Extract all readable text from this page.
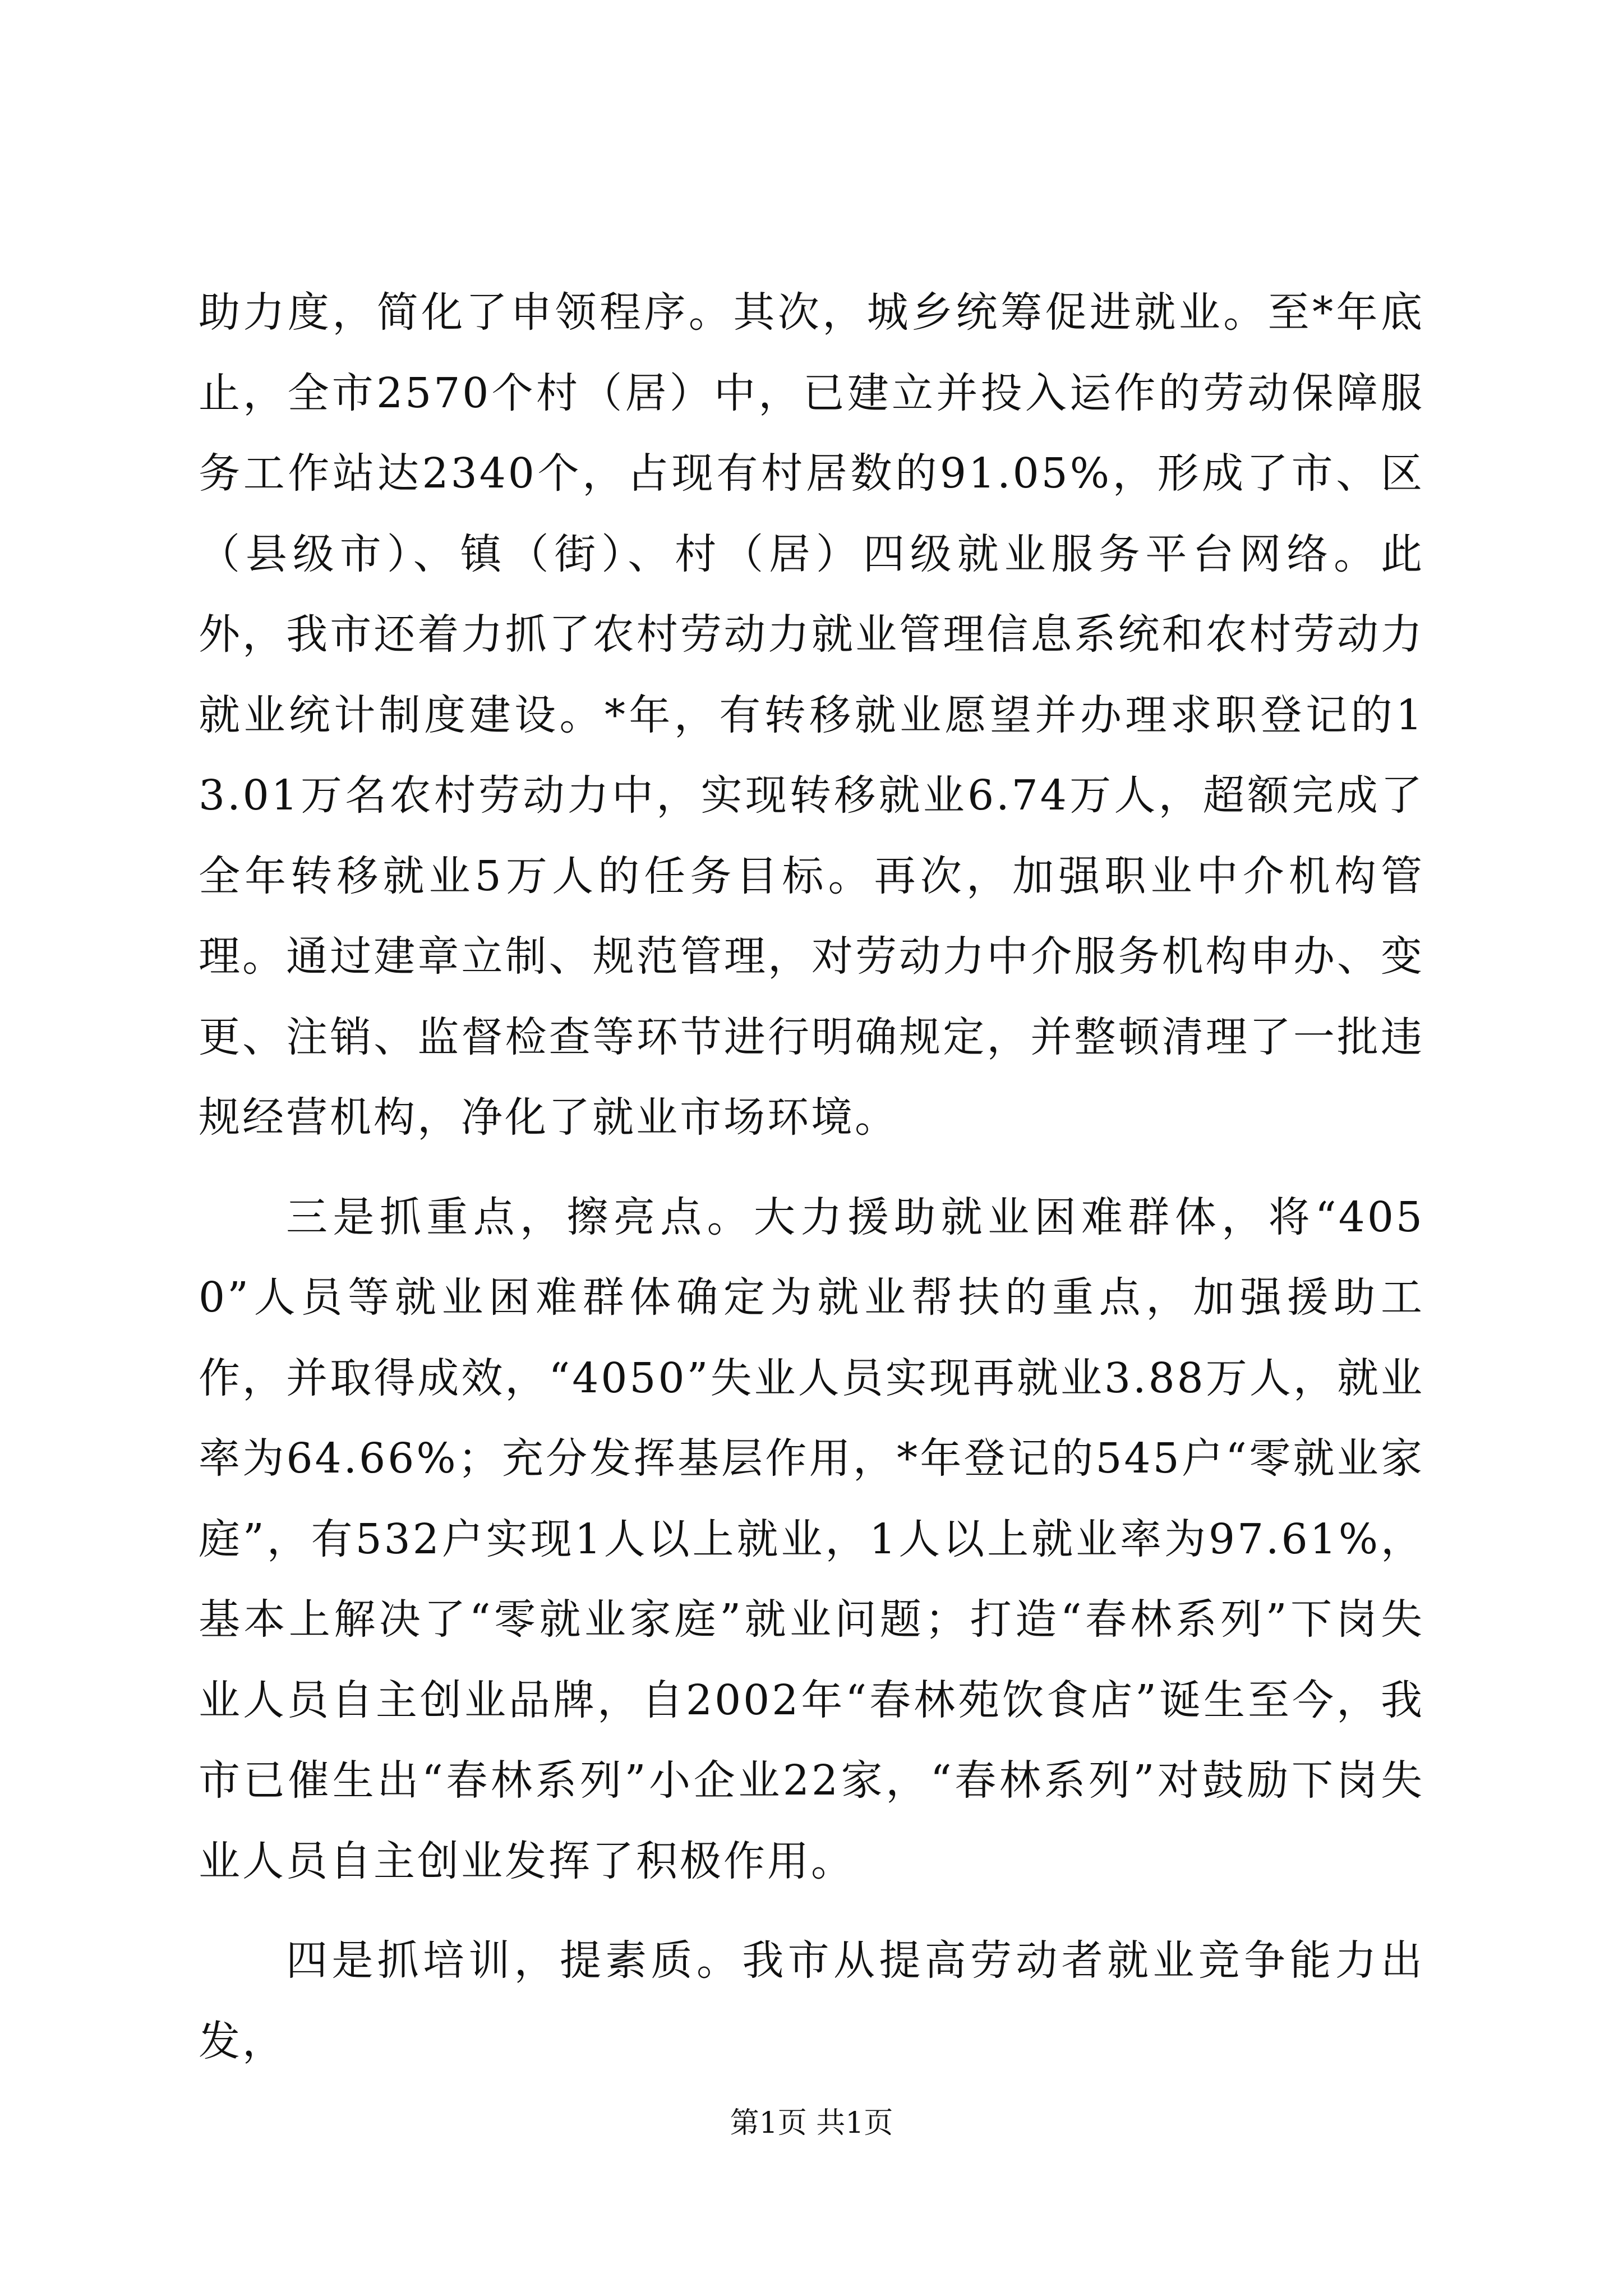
助力度，简化了申领程序。其次，城乡统筹促进就业。至*年底止，全市2570个村（居）中，已建立并投入运作的劳动保障服务工作站达2340个，占现有村居数的91.05%，形成了市、区（县级市）、镇（街）、村（居）四级就业服务平台网络。此外，我市还着力抓了农村劳动力就业管理信息系统和农村劳动力就业统计制度建设。*年，有转移就业愿望并办理求职登记的13.01万名农村劳动力中，实现转移就业6.74万人，超额完成了全年转移就业5万人的任务目标。再次，加强职业中介机构管理。通过建章立制、规范管理，对劳动力中介服务机构申办、变更、注销、监督检查等环节进行明确规定，并整顿清理了一批违规经营机构，净化了就业市场环境。

三是抓重点，擦亮点。大力援助就业困难群体，将“4050”人员等就业困难群体确定为就业帮扶的重点，加强援助工作，并取得成效，“4050”失业人员实现再就业3.88万人，就业率为64.66%；充分发挥基层作用，*年登记的545户“零就业家庭”，有532户实现1人以上就业，1人以上就业率为97.61%，基本上解决了“零就业家庭”就业问题；打造“春林系列”下岗失业人员自主创业品牌，自2002年“春林苑饮食店”诞生至今，我市已催生出“春林系列”小企业22家，“春林系列”对鼓励下岗失业人员自主创业发挥了积极作用。

四是抓培训，提素质。我市从提高劳动者就业竞争能力出发，

第1页 共1页
